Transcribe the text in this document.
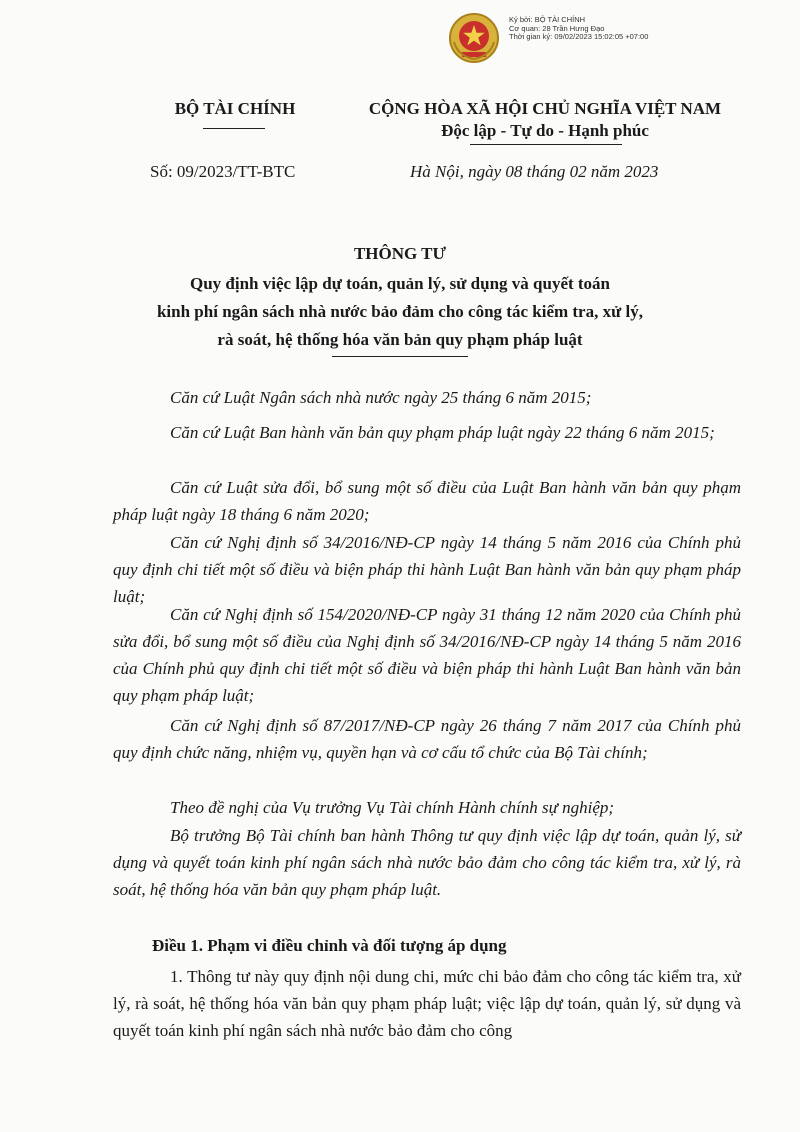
Ký bởi: BỘ TÀI CHÍNH
Cơ quan: 28 Trần Hưng Đạo
Thời gian ký: 09/02/2023 15:02:05 +07:00
BỘ TÀI CHÍNH	CỘNG HÒA XÃ HỘI CHỦ NGHĨA VIỆT NAM
Độc lập - Tự do - Hạnh phúc
Số: 09/2023/TT-BTC	Hà Nội, ngày 08 tháng 02 năm 2023
THÔNG TƯ
Quy định việc lập dự toán, quản lý, sử dụng và quyết toán
kinh phí ngân sách nhà nước bảo đảm cho công tác kiểm tra, xử lý,
rà soát, hệ thống hóa văn bản quy phạm pháp luật
Căn cứ Luật Ngân sách nhà nước ngày 25 tháng 6 năm 2015;
Căn cứ Luật Ban hành văn bản quy phạm pháp luật ngày 22 tháng 6 năm 2015;
Căn cứ Luật sửa đổi, bổ sung một số điều của Luật Ban hành văn bản quy phạm pháp luật ngày 18 tháng 6 năm 2020;
Căn cứ Nghị định số 34/2016/NĐ-CP ngày 14 tháng 5 năm 2016 của Chính phủ quy định chi tiết một số điều và biện pháp thi hành Luật Ban hành văn bản quy phạm pháp luật;
Căn cứ Nghị định số 154/2020/NĐ-CP ngày 31 tháng 12 năm 2020 của Chính phủ sửa đổi, bổ sung một số điều của Nghị định số 34/2016/NĐ-CP ngày 14 tháng 5 năm 2016 của Chính phủ quy định chi tiết một số điều và biện pháp thi hành Luật Ban hành văn bản quy phạm pháp luật;
Căn cứ Nghị định số 87/2017/NĐ-CP ngày 26 tháng 7 năm 2017 của Chính phủ quy định chức năng, nhiệm vụ, quyền hạn và cơ cấu tổ chức của Bộ Tài chính;
Theo đề nghị của Vụ trưởng Vụ Tài chính Hành chính sự nghiệp;
Bộ trưởng Bộ Tài chính ban hành Thông tư quy định việc lập dự toán, quản lý, sử dụng và quyết toán kinh phí ngân sách nhà nước bảo đảm cho công tác kiểm tra, xử lý, rà soát, hệ thống hóa văn bản quy phạm pháp luật.
Điều 1. Phạm vi điều chỉnh và đối tượng áp dụng
1. Thông tư này quy định nội dung chi, mức chi bảo đảm cho công tác kiểm tra, xử lý, rà soát, hệ thống hóa văn bản quy phạm pháp luật; việc lập dự toán, quản lý, sử dụng và quyết toán kinh phí ngân sách nhà nước bảo đảm cho công
